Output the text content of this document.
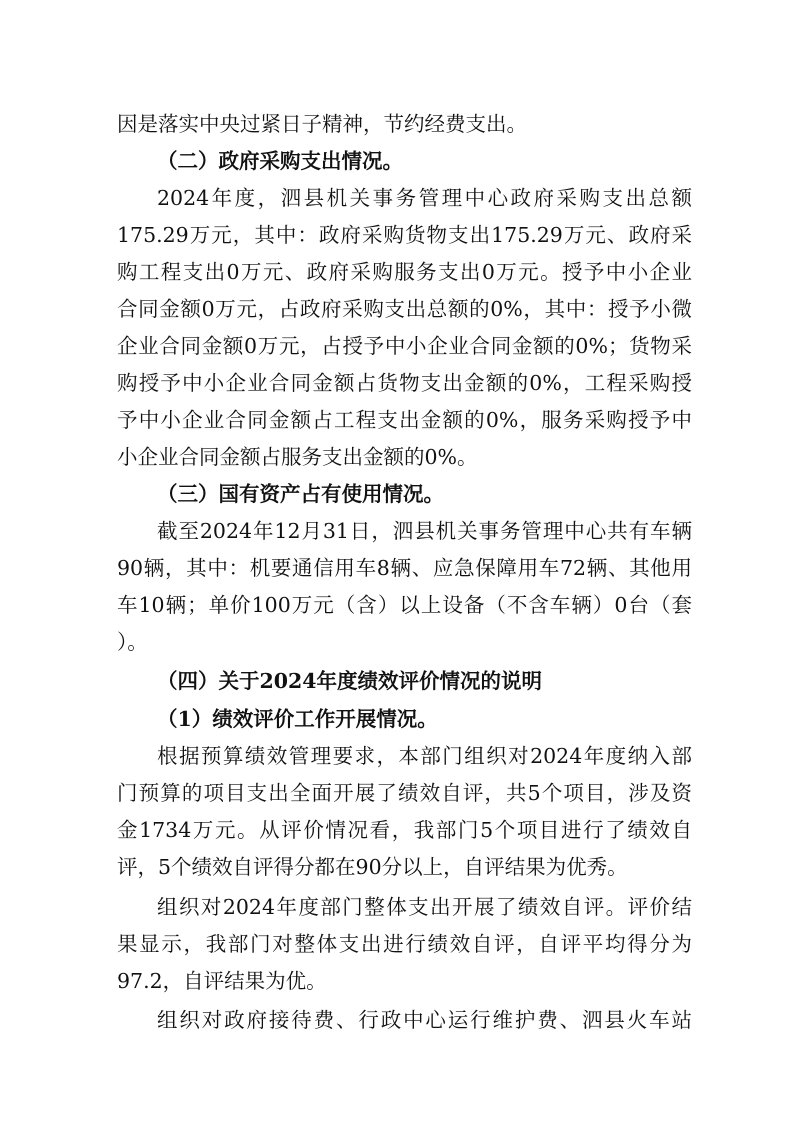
因是落实中央过紧日子精神，节约经费支出。
（二）政府采购支出情况。
2024年度，泗县机关事务管理中心政府采购支出总额
175.29万元，其中：政府采购货物支出175.29万元、政府采
购工程支出0万元、政府采购服务支出0万元。授予中小企业
合同金额0万元，占政府采购支出总额的0%，其中：授予小微
企业合同金额0万元，占授予中小企业合同金额的0%；货物采
购授予中小企业合同金额占货物支出金额的0%，工程采购授
予中小企业合同金额占工程支出金额的0%，服务采购授予中
小企业合同金额占服务支出金额的0%。
（三）国有资产占有使用情况。
截至2024年12月31日，泗县机关事务管理中心共有车辆
90辆，其中：机要通信用车8辆、应急保障用车72辆、其他用
车10辆；单价100万元（含）以上设备（不含车辆）0台（套
）。
（四）关于2024年度绩效评价情况的说明
（1）绩效评价工作开展情况。
根据预算绩效管理要求，本部门组织对2024年度纳入部
门预算的项目支出全面开展了绩效自评，共5个项目，涉及资
金1734万元。从评价情况看，我部门5个项目进行了绩效自
评，5个绩效自评得分都在90分以上，自评结果为优秀。
组织对2024年度部门整体支出开展了绩效自评。评价结
果显示，我部门对整体支出进行绩效自评，自评平均得分为
97.2，自评结果为优。
组织对政府接待费、行政中心运行维护费、泗县火车站
